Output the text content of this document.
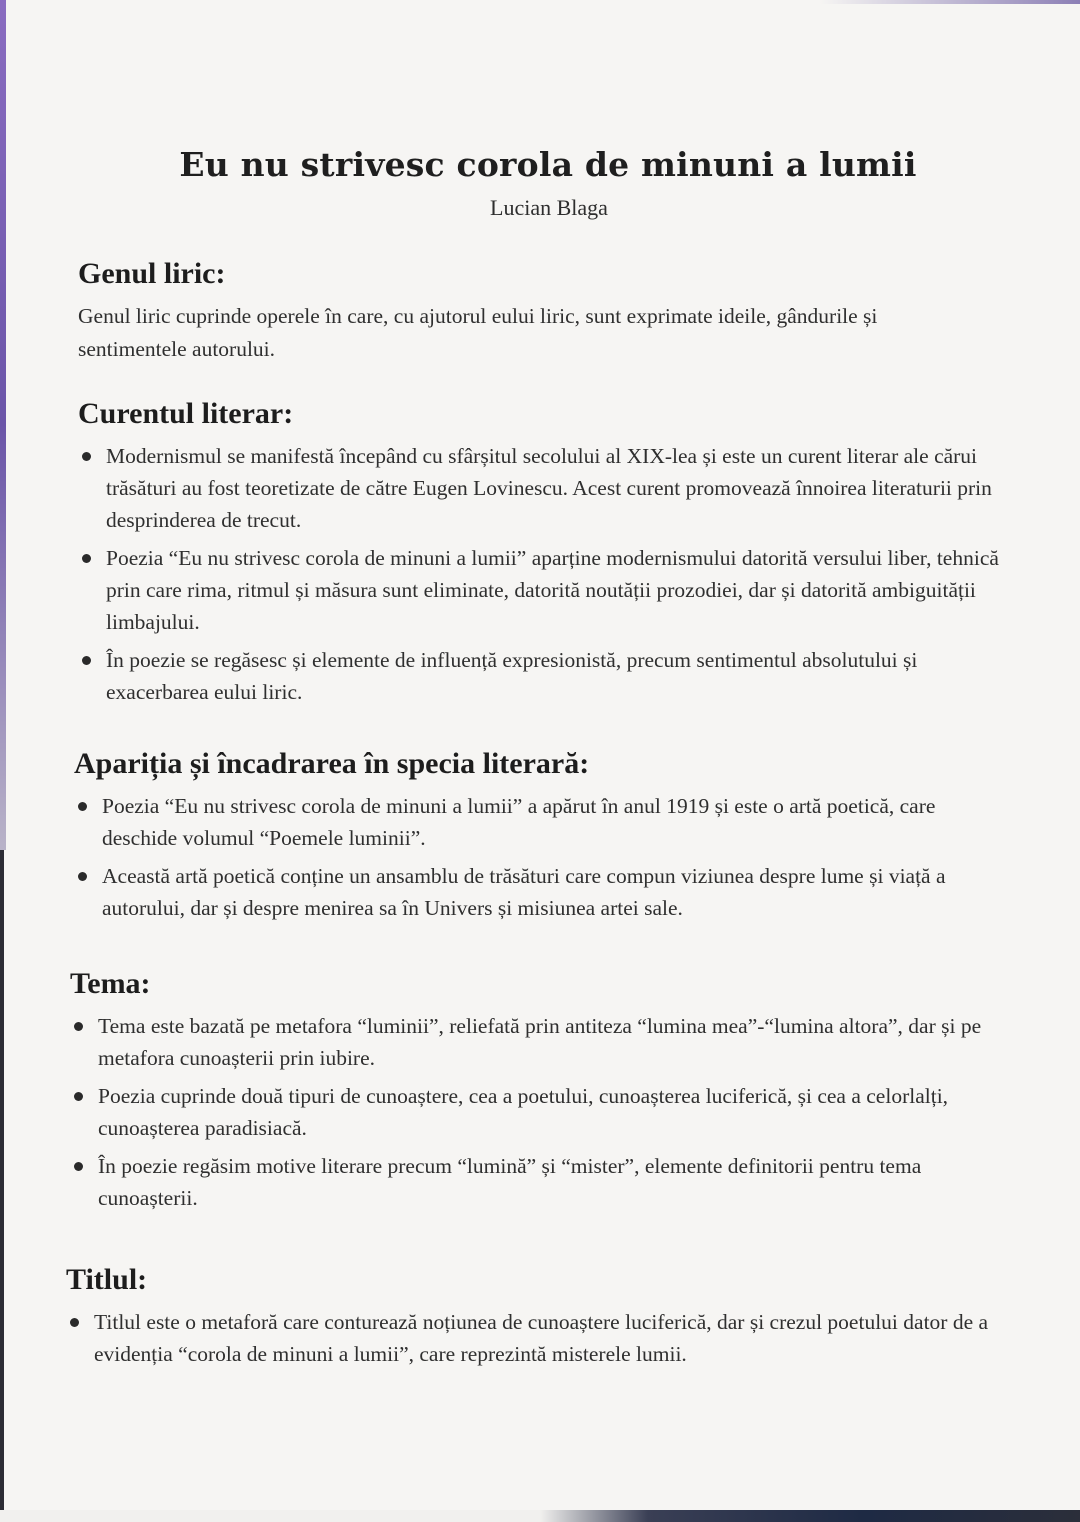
Eu nu strivesc corola de minuni a lumii
Lucian Blaga
Genul liric:

Genul liric cuprinde operele în care, cu ajutorul eului liric, sunt exprimate ideile, gândurile și sentimentele autorului.

Curentul literar:
Modernismul se manifestă începând cu sfârșitul secolului al XIX-lea și este un curent literar ale cărui trăsături au fost teoretizate de către Eugen Lovinescu. Acest curent promovează înnoirea literaturii prin desprinderea de trecut.
Poezia “Eu nu strivesc corola de minuni a lumii” aparține modernismului datorită versului liber, tehnică prin care rima, ritmul și măsura sunt eliminate, datorită noutății prozodiei, dar și datorită ambiguității limbajului.
În poezie se regăsesc și elemente de influență expresionistă, precum sentimentul absolutului și exacerbarea eului liric.
Apariția și încadrarea în specia literară:
Poezia “Eu nu strivesc corola de minuni a lumii” a apărut în anul 1919 și este o artă poetică, care deschide volumul “Poemele luminii”.
Această artă poetică conține un ansamblu de trăsături care compun viziunea despre lume și viață a autorului, dar și despre menirea sa în Univers și misiunea artei sale.
Tema:
Tema este bazată pe metafora “luminii”, reliefată prin antiteza “lumina mea”-“lumina altora”, dar și pe metafora cunoașterii prin iubire.
Poezia cuprinde două tipuri de cunoaștere, cea a poetului, cunoașterea luciferică, și cea a celorlalți, cunoașterea paradisiacă.
În poezie regăsim motive literare precum “lumină” și “mister”, elemente definitorii pentru tema cunoașterii.
Titlul:
Titlul este o metaforă care conturează noțiunea de cunoaștere luciferică, dar și crezul poetului dator de a evidenția “corola de minuni a lumii”, care reprezintă misterele lumii.
